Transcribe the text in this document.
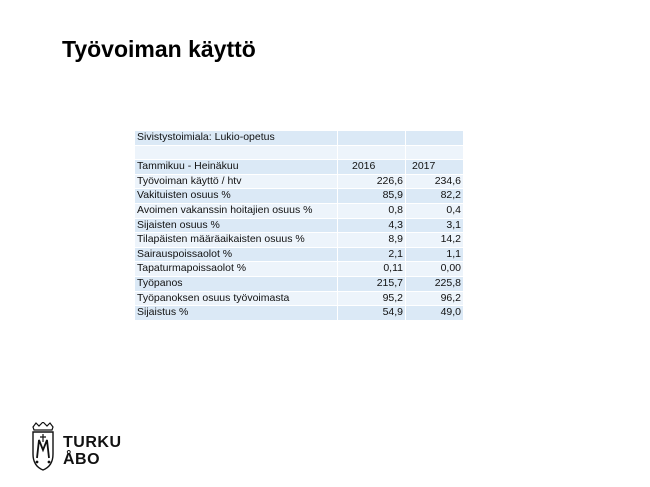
Työvoiman käyttö
Sivistystoimiala: Lukio-opetus		

Tammikuu - Heinäkuu	2016	2017
Työvoiman käyttö / htv	226,6	234,6
Vakituisten osuus %	85,9	82,2
Avoimen vakanssin hoitajien osuus %	0,8	0,4
Sijaisten osuus %	4,3	3,1
Tilapäisten määräaikaisten osuus %	8,9	14,2
Sairauspoissaolot %	2,1	1,1
Tapaturmapoissaolot %	0,11	0,00
Työpanos	215,7	225,8
Työpanoksen osuus työvoimasta	95,2	96,2
Sijaistus %	54,9	49,0
TURKU
ÅBO
